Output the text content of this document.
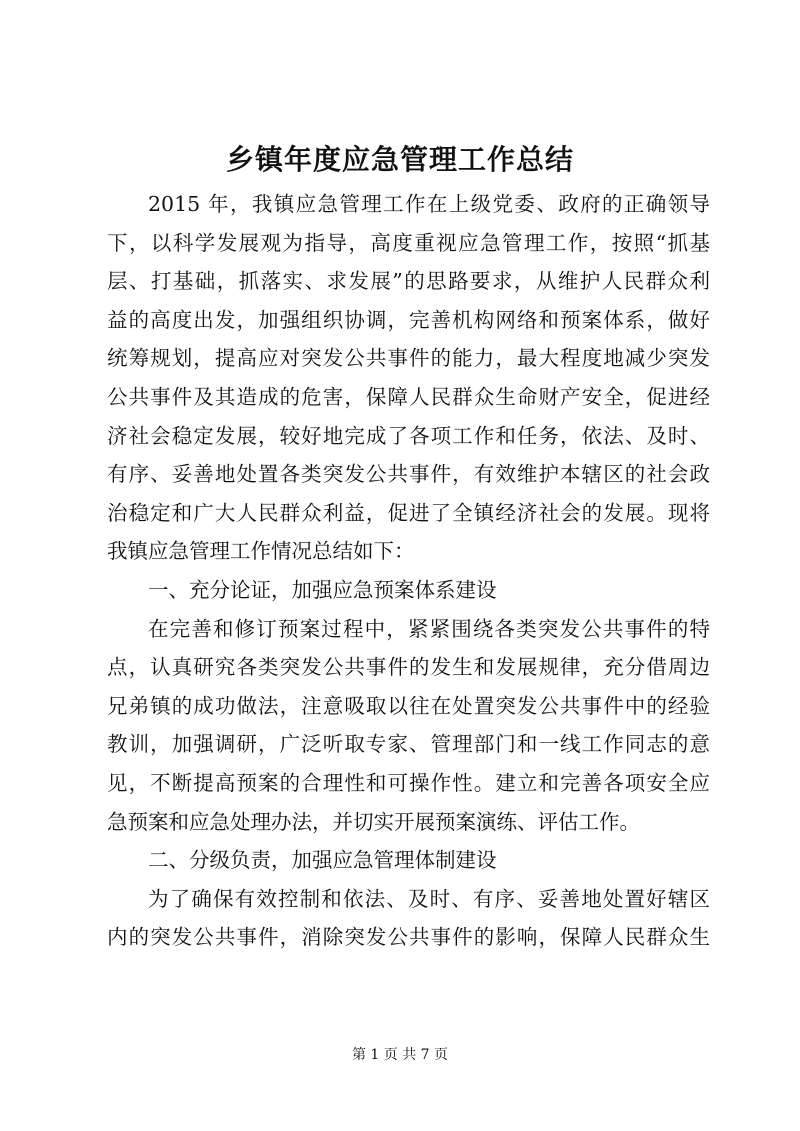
乡镇年度应急管理工作总结
2015 年，我镇应急管理工作在上级党委、政府的正确领导
下，以科学发展观为指导，高度重视应急管理工作，按照“抓基
层、打基础，抓落实、求发展”的思路要求，从维护人民群众利
益的高度出发，加强组织协调，完善机构网络和预案体系，做好
统筹规划，提高应对突发公共事件的能力，最大程度地减少突发
公共事件及其造成的危害，保障人民群众生命财产安全，促进经
济社会稳定发展，较好地完成了各项工作和任务，依法、及时、
有序、妥善地处置各类突发公共事件，有效维护本辖区的社会政
治稳定和广大人民群众利益，促进了全镇经济社会的发展。现将
我镇应急管理工作情况总结如下：
一、充分论证，加强应急预案体系建设
在完善和修订预案过程中，紧紧围绕各类突发公共事件的特
点，认真研究各类突发公共事件的发生和发展规律，充分借周边
兄弟镇的成功做法，注意吸取以往在处置突发公共事件中的经验
教训，加强调研，广泛听取专家、管理部门和一线工作同志的意
见，不断提高预案的合理性和可操作性。建立和完善各项安全应
急预案和应急处理办法，并切实开展预案演练、评估工作。
二、分级负责，加强应急管理体制建设
为了确保有效控制和依法、及时、有序、妥善地处置好辖区
内的突发公共事件，消除突发公共事件的影响，保障人民群众生
第 1 页 共 7 页
